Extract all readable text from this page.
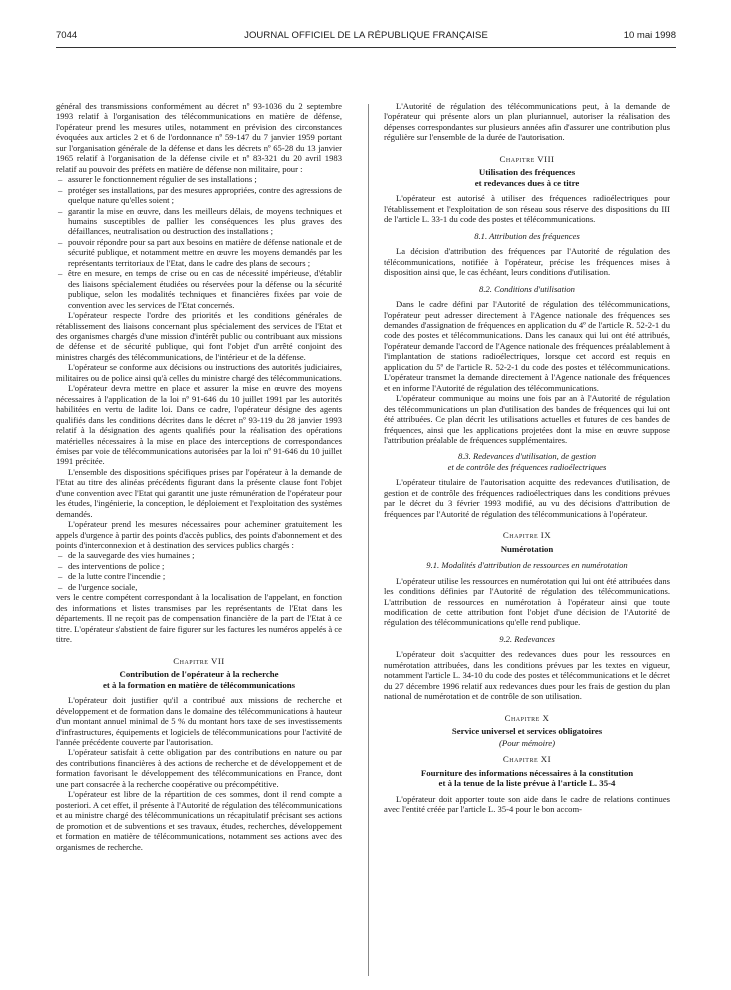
7044	JOURNAL OFFICIEL DE LA RÉPUBLIQUE FRANÇAISE	10 mai 1998

général des transmissions conformément au décret nº 93-1036 du 2 septembre 1993 relatif à l'organisation des télécommunications en matière de défense, l'opérateur prend les mesures utiles, notamment en prévision des circonstances évoquées aux articles 2 et 6 de l'ordonnance nº 59-147 du 7 janvier 1959 portant sur l'organisation générale de la défense et dans les décrets nº 65-28 du 13 janvier 1965 relatif à l'organisation de la défense civile et nº 83-321 du 20 avril 1983 relatif au pouvoir des préfets en matière de défense non militaire, pour :

– assurer le fonctionnement régulier de ses installations ;
– protéger ses installations, par des mesures appropriées, contre des agressions de quelque nature qu'elles soient ;
– garantir la mise en œuvre, dans les meilleurs délais, de moyens techniques et humains susceptibles de pallier les conséquences les plus graves des défaillances, neutralisation ou destruction des installations ;
– pouvoir répondre pour sa part aux besoins en matière de défense nationale et de sécurité publique, et notamment mettre en œuvre les moyens demandés par les représentants territoriaux de l'Etat, dans le cadre des plans de secours ;
– être en mesure, en temps de crise ou en cas de nécessité impérieuse, d'établir des liaisons spécialement étudiées ou réservées pour la défense ou la sécurité publique, selon les modalités techniques et financières fixées par voie de convention avec les services de l'Etat concernés.

L'opérateur respecte l'ordre des priorités et les conditions générales de rétablissement des liaisons concernant plus spécialement des services de l'Etat et des organismes chargés d'une mission d'intérêt public ou contribuant aux missions de défense et de sécurité publique, qui font l'objet d'un arrêté conjoint des ministres chargés des télécommunications, de l'intérieur et de la défense.

L'opérateur se conforme aux décisions ou instructions des autorités judiciaires, militaires ou de police ainsi qu'à celles du ministre chargé des télécommunications.

L'opérateur devra mettre en place et assurer la mise en œuvre des moyens nécessaires à l'application de la loi nº 91-646 du 10 juillet 1991 par les autorités habilitées en vertu de ladite loi. Dans ce cadre, l'opérateur désigne des agents qualifiés dans les conditions décrites dans le décret nº 93-119 du 28 janvier 1993 relatif à la désignation des agents qualifiés pour la réalisation des opérations matérielles nécessaires à la mise en place des interceptions de correspondances émises par voie de télécommunications autorisées par la loi nº 91-646 du 10 juillet 1991 précitée.

L'ensemble des dispositions spécifiques prises par l'opérateur à la demande de l'Etat au titre des alinéas précédents figurant dans la présente clause font l'objet d'une convention avec l'Etat qui garantit une juste rémunération de l'opérateur pour les études, l'ingénierie, la conception, le déploiement et l'exploitation des systèmes demandés.

L'opérateur prend les mesures nécessaires pour acheminer gratuitement les appels d'urgence à partir des points d'accès publics, des points d'abonnement et des points d'interconnexion et à destination des services publics chargés :

– de la sauvegarde des vies humaines ;
– des interventions de police ;
– de la lutte contre l'incendie ;
– de l'urgence sociale,

vers le centre compétent correspondant à la localisation de l'appelant, en fonction des informations et listes transmises par les représentants de l'Etat dans les départements. Il ne reçoit pas de compensation financière de la part de l'Etat à ce titre. L'opérateur s'abstient de faire figurer sur les factures les numéros appelés à ce titre.

Chapitre VII
Contribution de l'opérateur à la recherche
et à la formation en matière de télécommunications

L'opérateur doit justifier qu'il a contribué aux missions de recherche et développement et de formation dans le domaine des télécommunications à hauteur d'un montant annuel minimal de 5 % du montant hors taxe de ses investissements d'infrastructures, équipements et logiciels de télécommunications pour l'activité de l'année précédente couverte par l'autorisation.

L'opérateur satisfait à cette obligation par des contributions en nature ou par des contributions financières à des actions de recherche et de développement et de formation favorisant le développement des télécommunications en France, dont une part consacrée à la recherche coopérative ou précompétitive.

L'opérateur est libre de la répartition de ces sommes, dont il rend compte a posteriori. A cet effet, il présente à l'Autorité de régulation des télécommunications et au ministre chargé des télécommunications un récapitulatif précisant ses actions de promotion et de subventions et ses travaux, études, recherches, développement et formation en matière de télécommunications, notamment ses actions avec des organismes de recherche.

L'Autorité de régulation des télécommunications peut, à la demande de l'opérateur qui présente alors un plan pluriannuel, autoriser la réalisation des dépenses correspondantes sur plusieurs années afin d'assurer une contribution plus régulière sur l'ensemble de la durée de l'autorisation.

Chapitre VIII
Utilisation des fréquences
et redevances dues à ce titre

L'opérateur est autorisé à utiliser des fréquences radioélectriques pour l'établissement et l'exploitation de son réseau sous réserve des dispositions du III de l'article L. 33-1 du code des postes et télécommunications.

8.1. Attribution des fréquences

La décision d'attribution des fréquences par l'Autorité de régulation des télécommunications, notifiée à l'opérateur, précise les fréquences mises à disposition ainsi que, le cas échéant, leurs conditions d'utilisation.

8.2. Conditions d'utilisation

Dans le cadre défini par l'Autorité de régulation des télécommunications, l'opérateur peut adresser directement à l'Agence nationale des fréquences ses demandes d'assignation de fréquences en application du 4º de l'article R. 52-2-1 du code des postes et télécommunications. Dans les canaux qui lui ont été attribués, l'opérateur demande l'accord de l'Agence nationale des fréquences préalablement à l'implantation de stations radioélectriques, lorsque cet accord est requis en application du 5º de l'article R. 52-2-1 du code des postes et télécommunications. L'opérateur transmet la demande directement à l'Agence nationale des fréquences et en informe l'Autorité de régulation des télécommunications.

L'opérateur communique au moins une fois par an à l'Autorité de régulation des télécommunications un plan d'utilisation des bandes de fréquences qui lui ont été attribuées. Ce plan décrit les utilisations actuelles et futures de ces bandes de fréquences, ainsi que les applications projetées dont la mise en œuvre suppose l'attribution préalable de fréquences supplémentaires.

8.3. Redevances d'utilisation, de gestion
et de contrôle des fréquences radioélectriques

L'opérateur titulaire de l'autorisation acquitte des redevances d'utilisation, de gestion et de contrôle des fréquences radioélectriques dans les conditions prévues par le décret du 3 février 1993 modifié, au vu des décisions d'attribution de fréquences par l'Autorité de régulation des télécommunications à l'opérateur.

Chapitre IX
Numérotation
9.1. Modalités d'attribution de ressources en numérotation

L'opérateur utilise les ressources en numérotation qui lui ont été attribuées dans les conditions définies par l'Autorité de régulation des télécommunications. L'attribution de ressources en numérotation à l'opérateur ainsi que toute modification de cette attribution font l'objet d'une décision de l'Autorité de régulation des télécommunications qu'elle rend publique.

9.2. Redevances

L'opérateur doit s'acquitter des redevances dues pour les ressources en numérotation attribuées, dans les conditions prévues par les textes en vigueur, notamment l'article L. 34-10 du code des postes et télécommunications et le décret du 27 décembre 1996 relatif aux redevances dues pour les frais de gestion du plan national de numérotation et de contrôle de son utilisation.

Chapitre X
Service universel et services obligatoires
(Pour mémoire)
Chapitre XI
Fourniture des informations nécessaires à la constitution
et à la tenue de la liste prévue à l'article L. 35-4

L'opérateur doit apporter toute son aide dans le cadre de relations continues avec l'entité créée par l'article L. 35-4 pour le bon accom-
